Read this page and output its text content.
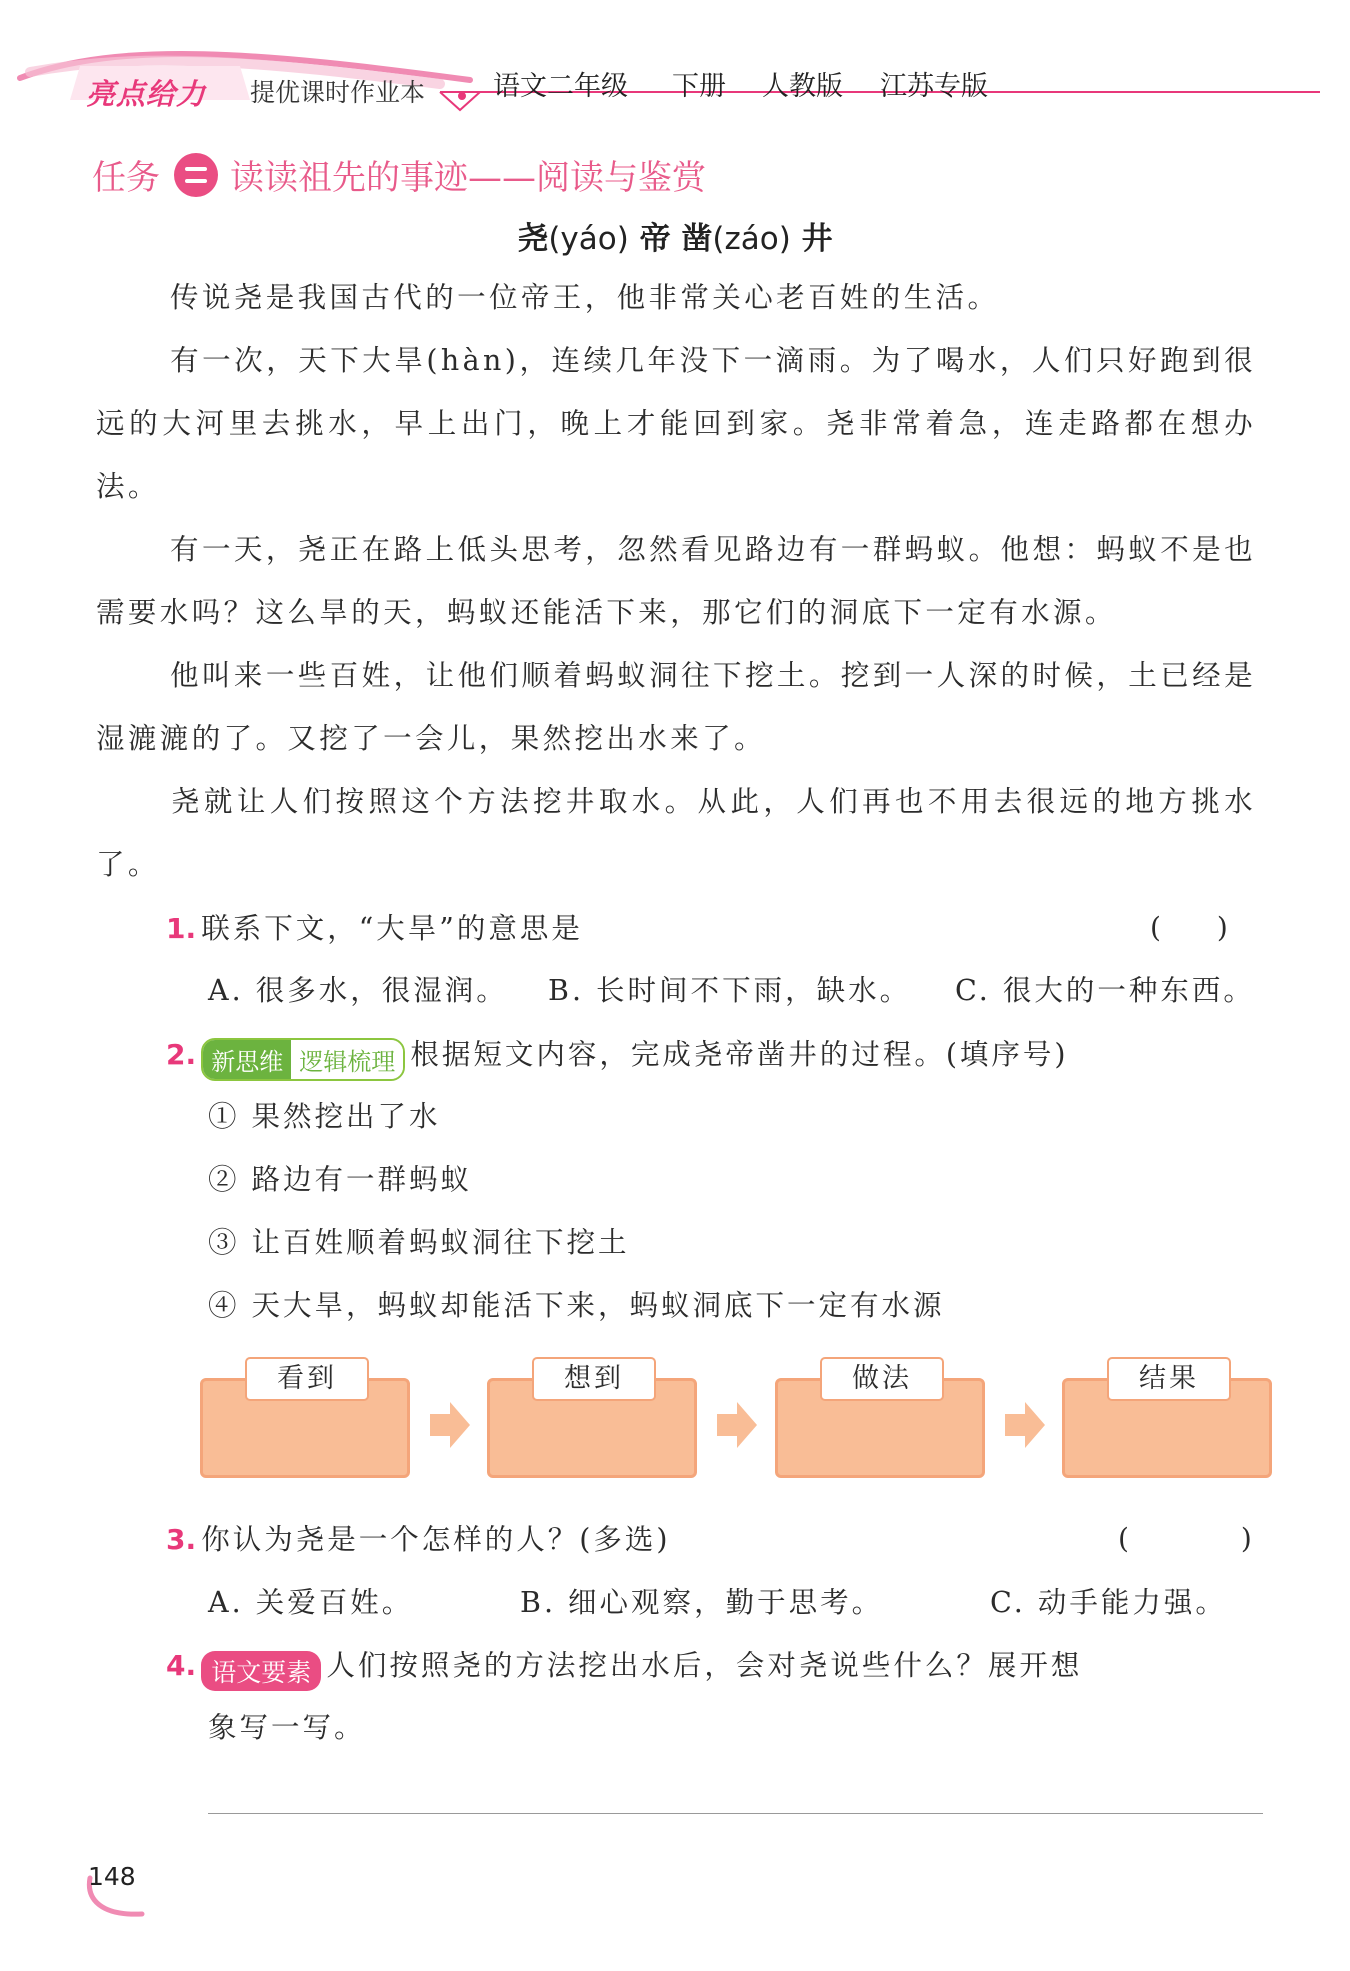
亮点给力 提优课时作业本	语文二年级 下册 人教版 江苏专版
任务 读读祖先的事迹——阅读与鉴赏
尧(yáo) 帝 凿(záo) 井
传说尧是我国古代的一位帝王，他非常关心老百姓的生活。
有一次，天下大旱(hàn)，连续几年没下一滴雨。为了喝水，人们只好跑到很远的大河里去挑水，早上出门，晚上才能回到家。尧非常着急，连走路都在想办法。
有一天，尧正在路上低头思考，忽然看见路边有一群蚂蚁。他想：蚂蚁不是也需要水吗？这么旱的天，蚂蚁还能活下来，那它们的洞底下一定有水源。
他叫来一些百姓，让他们顺着蚂蚁洞往下挖土。挖到一人深的时候，土已经是湿漉漉的了。又挖了一会儿，果然挖出水来了。
尧就让人们按照这个方法挖井取水。从此，人们再也不用去很远的地方挑水了。
1. 联系下文，“大旱”的意思是	(　　)
A. 很多水，很湿润。 B. 长时间不下雨，缺水。 C. 很大的一种东西。
2. 新思维 逻辑梳理 根据短文内容，完成尧帝凿井的过程。(填序号)
① 果然挖出了水
② 路边有一群蚂蚁
③ 让百姓顺着蚂蚁洞往下挖土
④ 天大旱，蚂蚁却能活下来，蚂蚁洞底下一定有水源
看到	想到	做法	结果
3. 你认为尧是一个怎样的人？(多选)	(　　　　)
A. 关爱百姓。	B. 细心观察，勤于思考。	C. 动手能力强。
4. 语文要素 人们按照尧的方法挖出水后，会对尧说些什么？展开想
象写一写。
148
